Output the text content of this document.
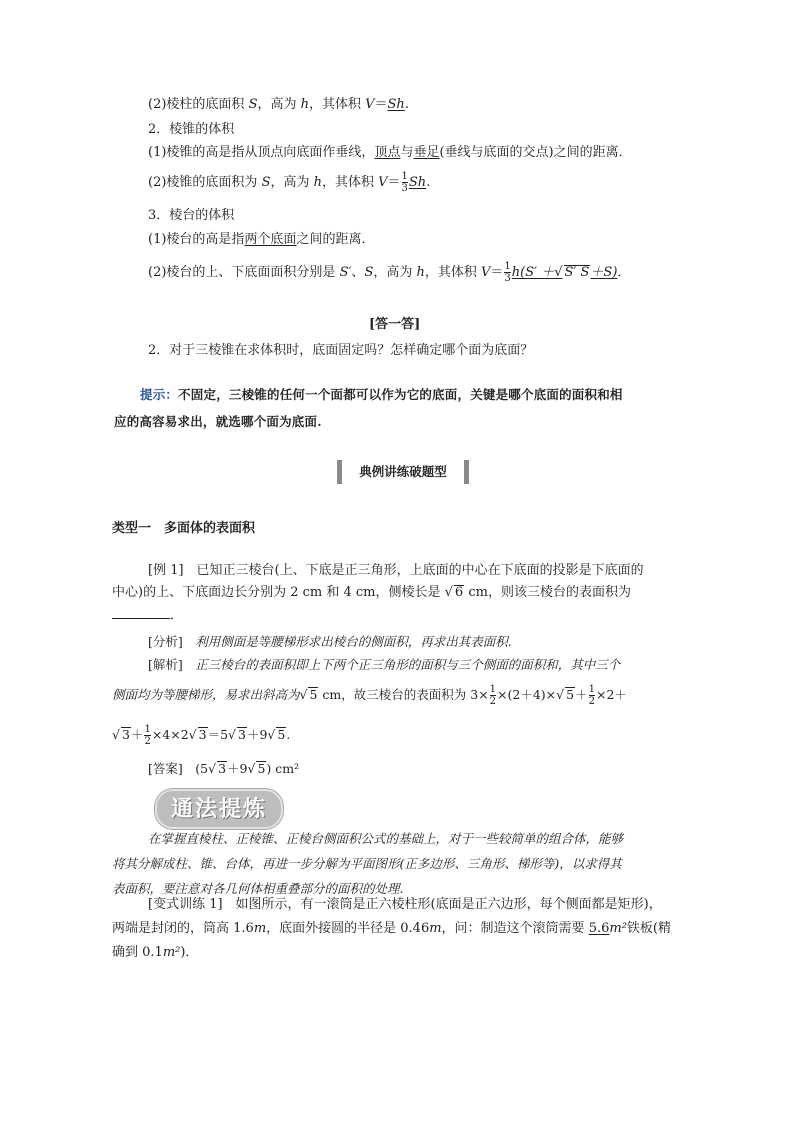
(2)棱柱的底面积 S，高为 h，其体积 V＝Sh.
2．棱锥的体积
(1)棱锥的高是指从顶点向底面作垂线，顶点与垂足(垂线与底面的交点)之间的距离．
(2)棱锥的底面积为 S，高为 h，其体积 $V= \frac{1}{3} Sh$.
3．棱台的体积
(1)棱台的高是指两个底面之间的距离．
(2)棱台的上、下底面面积分别是 S′、S，高为 h，其体积 $V= \frac{1}{3} h(S'$ ＋√ S′ S＋S)．
[答一答]
2．对于三棱锥在求体积时，底面固定吗？怎样确定哪个面为底面？
提示：不固定，三棱锥的任何一个面都可以作为它的底面，关键是哪个底面的面积和相
应的高容易求出，就选哪个面为底面.
典例讲练破题型
类型一　多面体的表面积
[例 1]　已知正三棱台(上、下底是正三角形，上底面的中心在下底面的投影是下底面的
中心)的上、下底面边长分别为 2 cm 和 4 cm，侧棱长是 √ 6 cm，则该三棱台的表面积为
．
[分析]　 利用侧面是等腰梯形求出棱台的侧面积，再求出其表面积.
[解析]　 正三棱台的表面积即上下两个正三角形的面积与三个侧面的面积和，其中三个
侧面均为等腰梯形，易求出斜高为√ 5 cm，故三棱台的表面积为 $3\times \frac{1}{2} \times(2+4)\times√$ $5+ \frac{1}{2} \times 2+$
√ $3+ \frac{1}{2} \times 4\times 2√$ 3＝5√ 3＋9√ 5.
[答案]　 (5√ 3＋9√ 5) cm²
通法提炼
在掌握直棱柱、正棱锥、正棱台侧面积公式的基础上，对于一些较简单的组合体，能够
将其分解成柱、锥、台体，再进一步分解为平面图形(正多边形、三角形、梯形等)，以求得其
表面积，要注意对各几何体相重叠部分的面积的处理.
[变式训练 1]　如图所示，有一滚筒是正六棱柱形(底面是正六边形，每个侧面都是矩形)，
两端是封闭的，筒高 1.6m，底面外接圆的半径是 0.46m，问：制造这个滚筒需要 5.6m²铁板(精
确到 0.1m²)．
